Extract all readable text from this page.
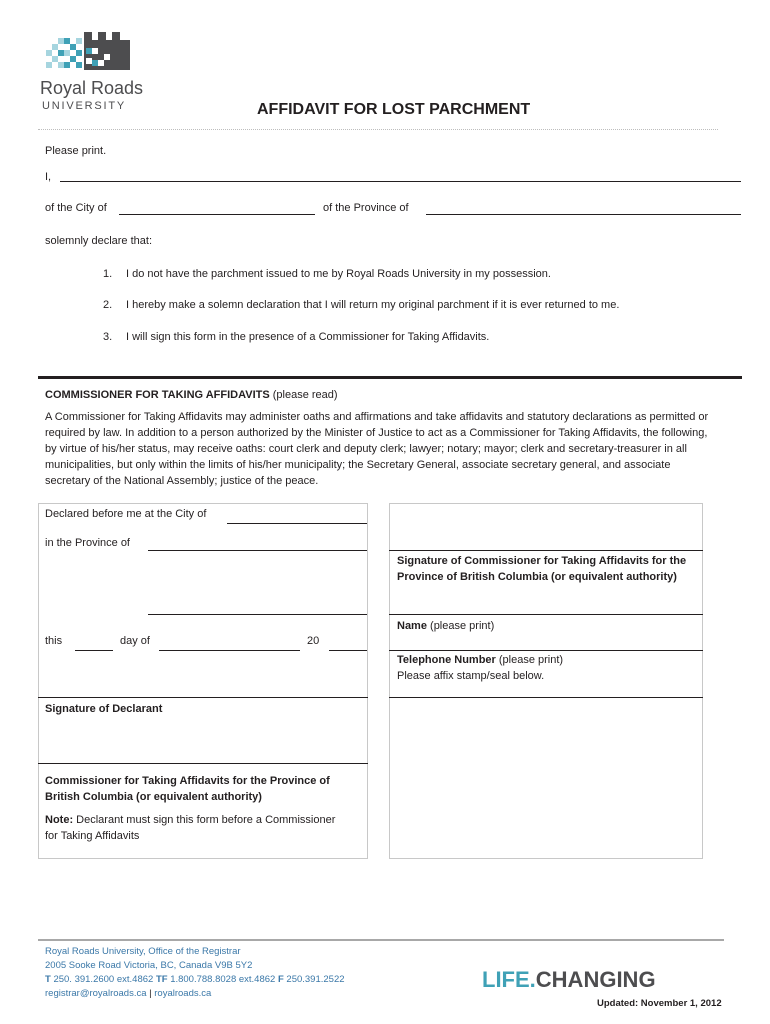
Royal Roads
UNIVERSITY	AFFIDAVIT FOR LOST PARCHMENT
Please print.
I,
of the City of	of the Province of
solemnly declare that:
1. I do not have the parchment issued to me by Royal Roads University in my possession.
2. I hereby make a solemn declaration that I will return my original parchment if it is ever returned to me.
3. I will sign this form in the presence of a Commissioner for Taking Affidavits.
COMMISSIONER FOR TAKING AFFIDAVITS (please read)
A Commissioner for Taking Affidavits may administer oaths and affirmations and take affidavits and statutory declarations as permitted or required by law. In addition to a person authorized by the Minister of Justice to act as a Commissioner for Taking Affidavits, the following, by virtue of his/her status, may receive oaths: court clerk and deputy clerk; lawyer; notary; mayor; clerk and secretary-treasurer in all municipalities, but only within the limits of his/her municipality; the Secretary General, associate secretary general, and associate secretary of the National Assembly; justice of the peace.
Declared before me at the City of
in the Province of
this	day of	20
Signature of Declarant
Commissioner for Taking Affidavits for the Province of
British Columbia (or equivalent authority)
Note: Declarant must sign this form before a Commissioner
for Taking Affidavits
Signature of Commissioner for Taking Affidavits for the
Province of British Columbia (or equivalent authority)
Name (please print)
Telephone Number (please print)
Please affix stamp/seal below.
Royal Roads University, Office of the Registrar
2005 Sooke Road Victoria, BC, Canada V9B 5Y2
T 250. 391.2600 ext.4862 TF 1.800.788.8028 ext.4862 F 250.391.2522
registrar@royalroads.ca | royalroads.ca
LIFE.CHANGING
Updated: November 1, 2012
